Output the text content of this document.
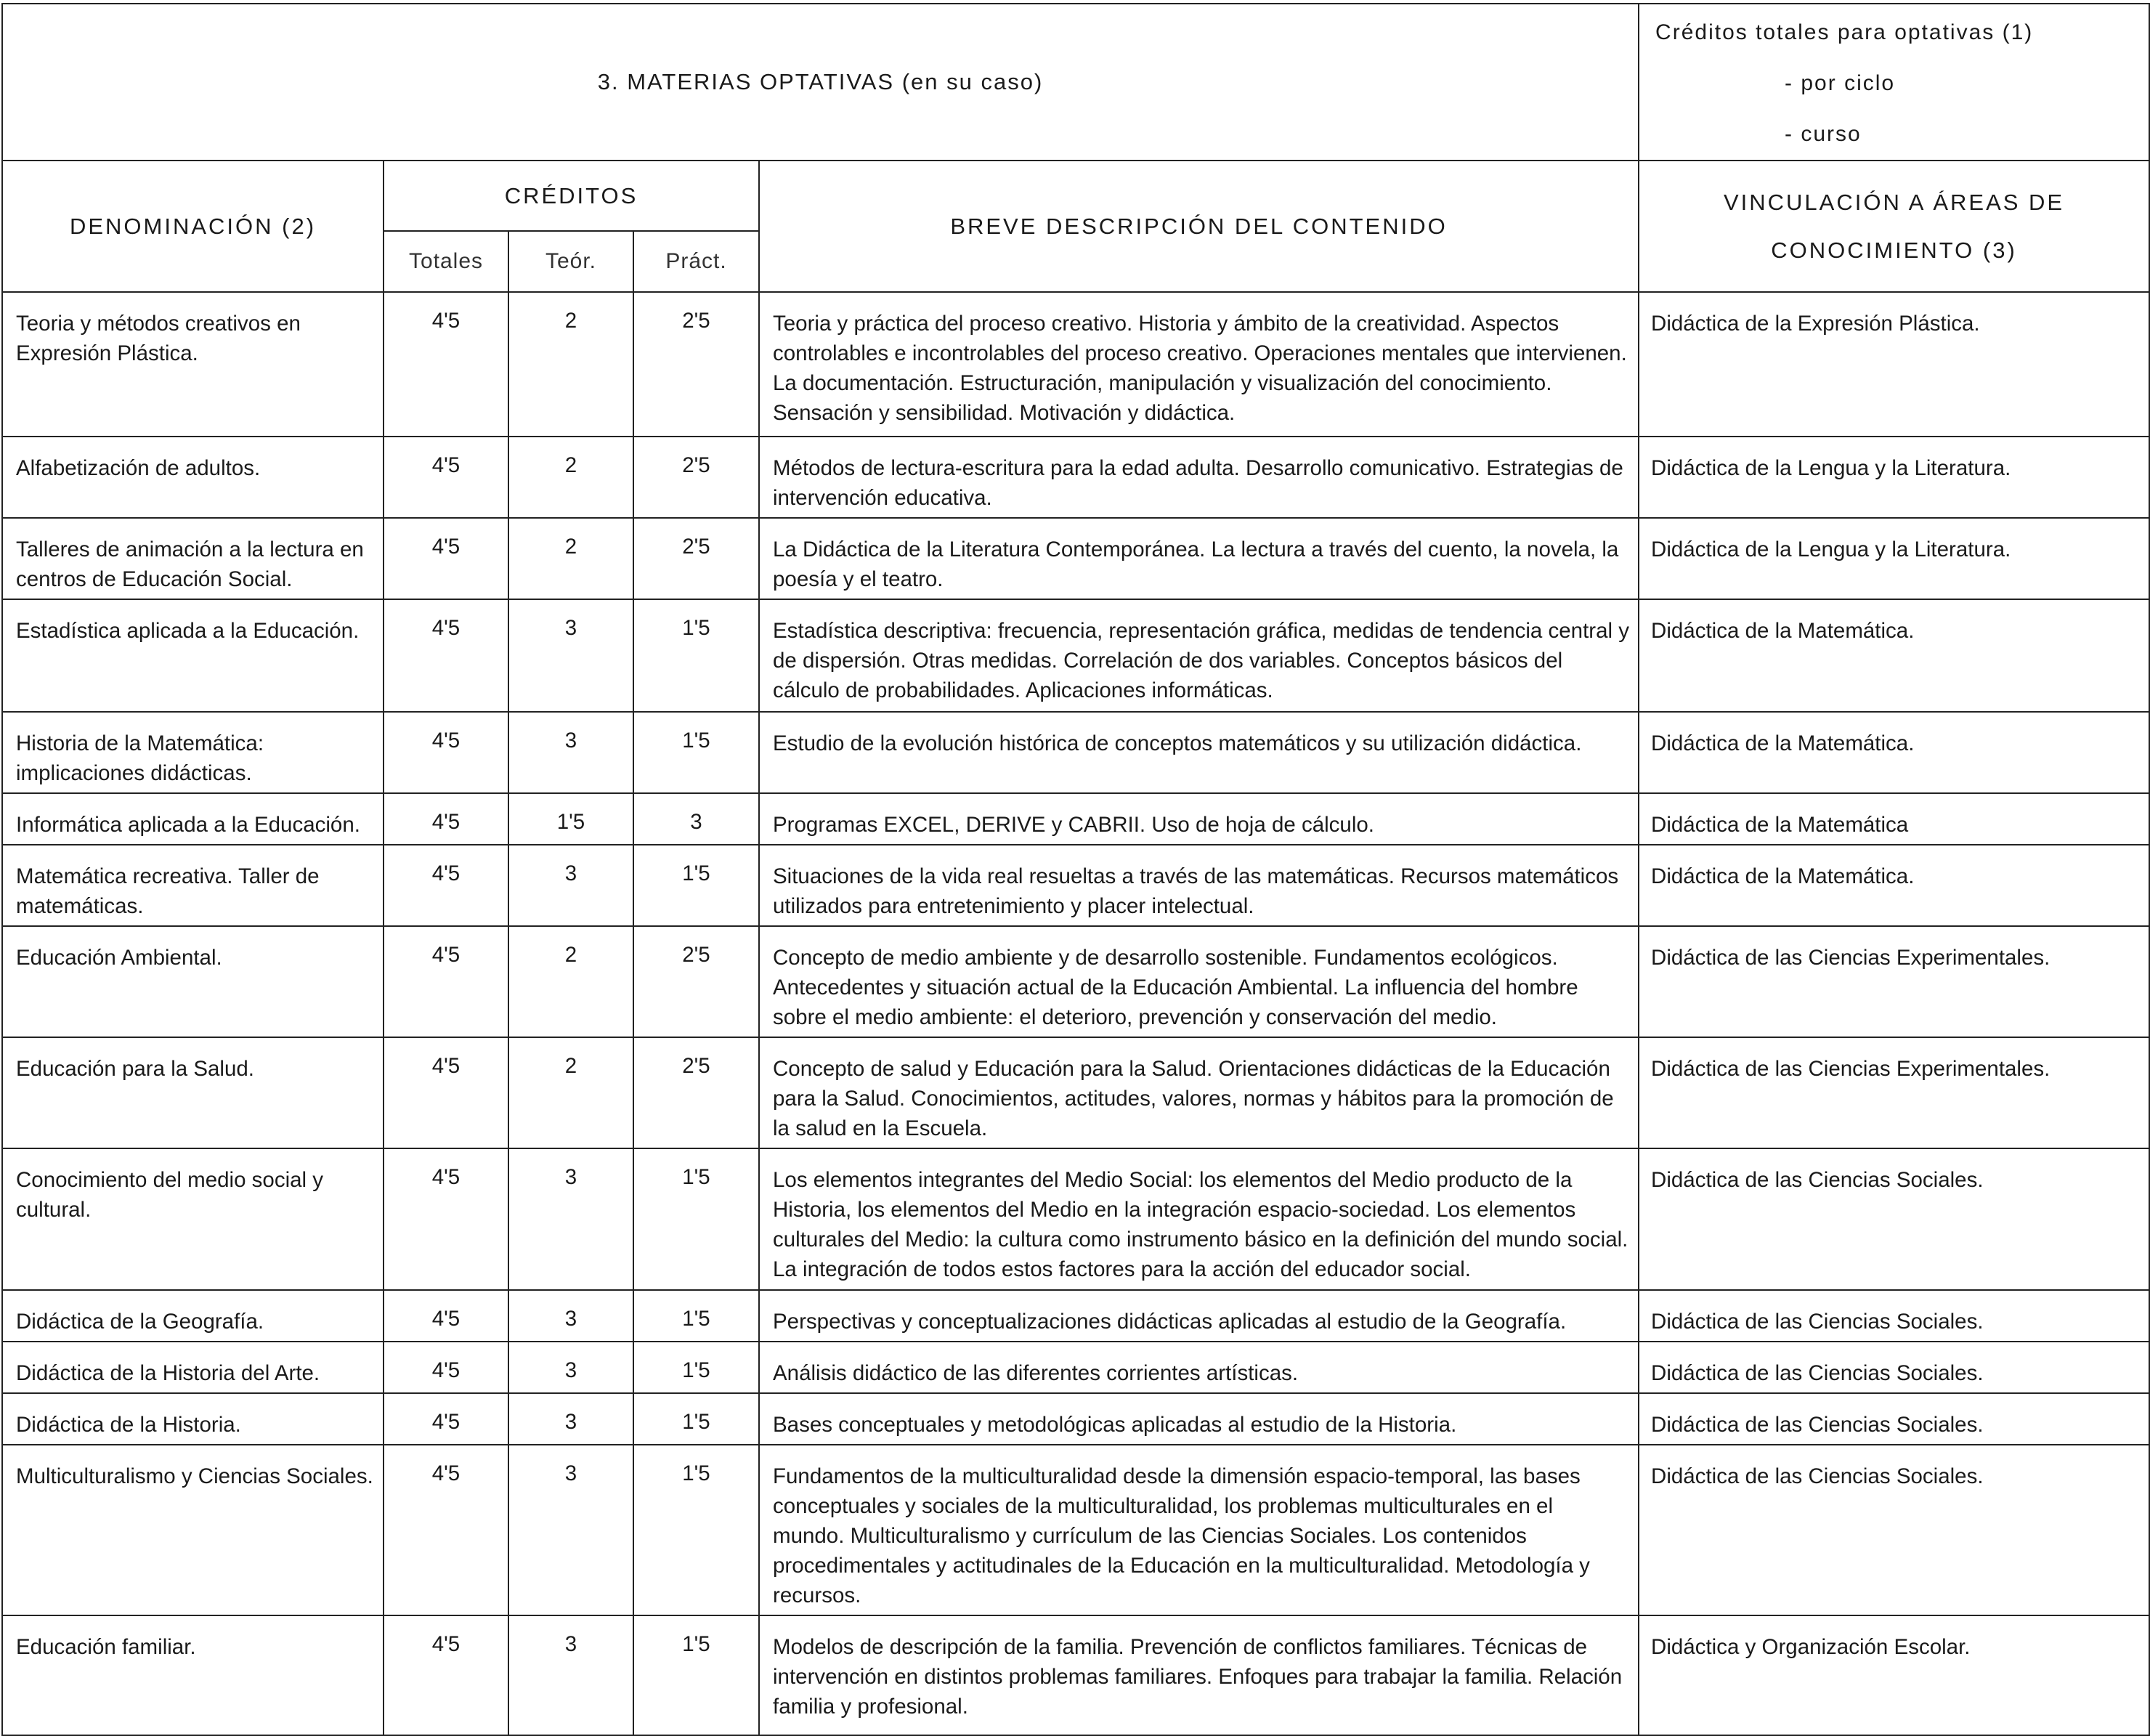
3. MATERIAS OPTATIVAS (en su caso)					Créditos totales para optativas (1)
- por ciclo
- curso

DENOMINACIÓN (2)	CRÉDITOS			BREVE DESCRIPCIÓN DEL CONTENIDO	VINCULACIÓN A ÁREAS DE
CONOCIMIENTO (3)

	Totales	Teór.	Práct.		
Teoria y métodos creativos en Expresión Plástica.	4'5	2	2'5	Teoria y práctica del proceso creativo. Historia y ámbito de la creatividad. Aspectos controlables e incontrolables del proceso creativo. Operaciones mentales que intervienen. La documentación. Estructuración, manipulación y visualización del conocimiento. Sensación y sensibilidad. Motivación y didáctica.	Didáctica de la Expresión Plástica.
Alfabetización de adultos.	4'5	2	2'5	Métodos de lectura-escritura para la edad adulta. Desarrollo comunicativo. Estrategias de intervención educativa.	Didáctica de la Lengua y la Literatura.
Talleres de animación a la lectura en centros de Educación Social.	4'5	2	2'5	La Didáctica de la Literatura Contemporánea. La lectura a través del cuento, la novela, la poesía y el teatro.	Didáctica de la Lengua y la Literatura.
Estadística aplicada a la Educación.	4'5	3	1'5	Estadística descriptiva: frecuencia, representación gráfica, medidas de tendencia central y de dispersión. Otras medidas. Correlación de dos variables. Conceptos básicos del cálculo de probabilidades. Aplicaciones informáticas.	Didáctica de la Matemática.
Historia de la Matemática: implicaciones didácticas.	4'5	3	1'5	Estudio de la evolución histórica de conceptos matemáticos y su utilización didáctica.	Didáctica de la Matemática.
Informática aplicada a la Educación.	4'5	1'5	3	Programas EXCEL, DERIVE y CABRII. Uso de hoja de cálculo.	Didáctica de la Matemática
Matemática recreativa. Taller de matemáticas.	4'5	3	1'5	Situaciones de la vida real resueltas a través de las matemáticas. Recursos matemáticos utilizados para entretenimiento y placer intelectual.	Didáctica de la Matemática.
Educación Ambiental.	4'5	2	2'5	Concepto de medio ambiente y de desarrollo sostenible. Fundamentos ecológicos. Antecedentes y situación actual de la Educación Ambiental. La influencia del hombre sobre el medio ambiente: el deterioro, prevención y conservación del medio.	Didáctica de las Ciencias Experimentales.
Educación para la Salud.	4'5	2	2'5	Concepto de salud y Educación para la Salud. Orientaciones didácticas de la Educación para la Salud. Conocimientos, actitudes, valores, normas y hábitos para la promoción de la salud en la Escuela.	Didáctica de las Ciencias Experimentales.
Conocimiento del medio social y cultural.	4'5	3	1'5	Los elementos integrantes del Medio Social: los elementos del Medio producto de la Historia, los elementos del Medio en la integración espacio-sociedad. Los elementos culturales del Medio: la cultura como instrumento básico en la definición del mundo social. La integración de todos estos factores para la acción del educador social.	Didáctica de las Ciencias Sociales.
Didáctica de la Geografía.	4'5	3	1'5	Perspectivas y conceptualizaciones didácticas aplicadas al estudio de la Geografía.	Didáctica de las Ciencias Sociales.
Didáctica de la Historia del Arte.	4'5	3	1'5	Análisis didáctico de las diferentes corrientes artísticas.	Didáctica de las Ciencias Sociales.
Didáctica de la Historia.	4'5	3	1'5	Bases conceptuales y metodológicas aplicadas al estudio de la Historia.	Didáctica de las Ciencias Sociales.
Multiculturalismo y Ciencias Sociales.	4'5	3	1'5	Fundamentos de la multiculturalidad desde la dimensión espacio-temporal, las bases conceptuales y sociales de la multiculturalidad, los problemas multiculturales en el mundo. Multiculturalismo y currículum de las Ciencias Sociales. Los contenidos procedimentales y actitudinales de la Educación en la multiculturalidad. Metodología y recursos.	Didáctica de las Ciencias Sociales.
Educación familiar.	4'5	3	1'5	Modelos de descripción de la familia. Prevención de conflictos familiares. Técnicas de intervención en distintos problemas familiares. Enfoques para trabajar la familia. Relación familia y profesional.	Didáctica y Organización Escolar.
